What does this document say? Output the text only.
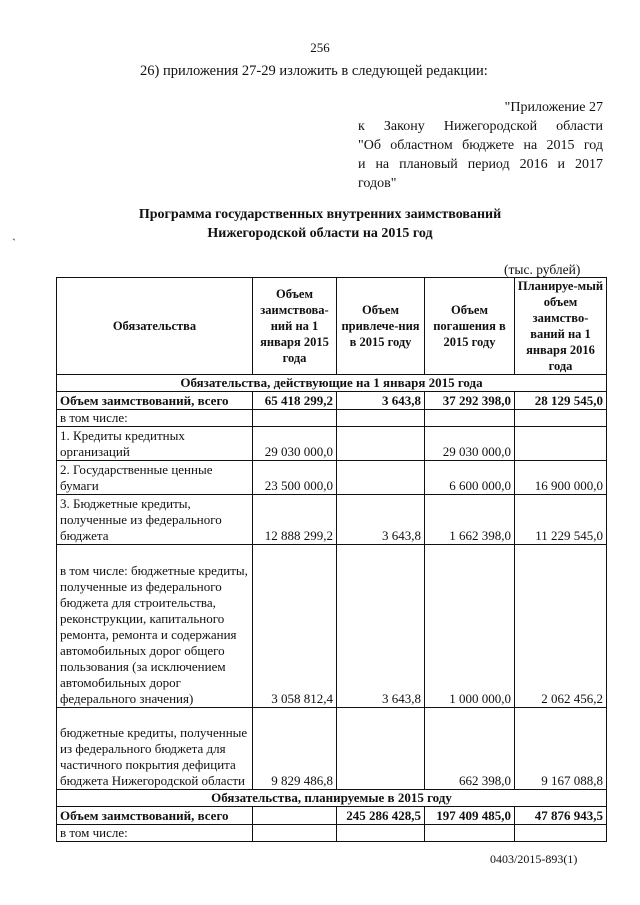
256
26) приложения 27-29 изложить в следующей редакции:
"Приложение 27
к Закону Нижегородской области
"Об областном бюджете на 2015 год
и на плановый период 2016 и 2017
годов"
Программа государственных внутренних заимствований
Нижегородской области на 2015 год
`
(тыс. рублей)
Обязательства	Объем заимствова-ний на 1 января 2015 года	Объем привлече-ния в 2015 году	Объем погашения в 2015 году	Планируе-мый объем заимство-ваний на 1 января 2016 года
Обязательства, действующие на 1 января 2015 года				
Объем заимствований, всего	65 418 299,2	3 643,8	37 292 398,0	28 129 545,0
в том числе:				
1. Кредиты кредитных организаций	29 030 000,0		29 030 000,0	
2. Государственные ценные бумаги	23 500 000,0		6 600 000,0	16 900 000,0
3. Бюджетные кредиты, полученные из федерального бюджета	12 888 299,2	3 643,8	1 662 398,0	11 229 545,0
в том числе: бюджетные кредиты, полученные из федерального бюджета для строительства, реконструкции, капитального ремонта, ремонта и содержания автомобильных дорог общего пользования (за исключением автомобильных дорог федерального значения)	3 058 812,4	3 643,8	1 000 000,0	2 062 456,2
бюджетные кредиты, полученные из федерального бюджета для частичного покрытия дефицита бюджета Нижегородской области	9 829 486,8		662 398,0	9 167 088,8
Обязательства, планируемые в 2015 году				
Объем заимствований, всего		245 286 428,5	197 409 485,0	47 876 943,5
в том числе:				
0403/2015-893(1)
